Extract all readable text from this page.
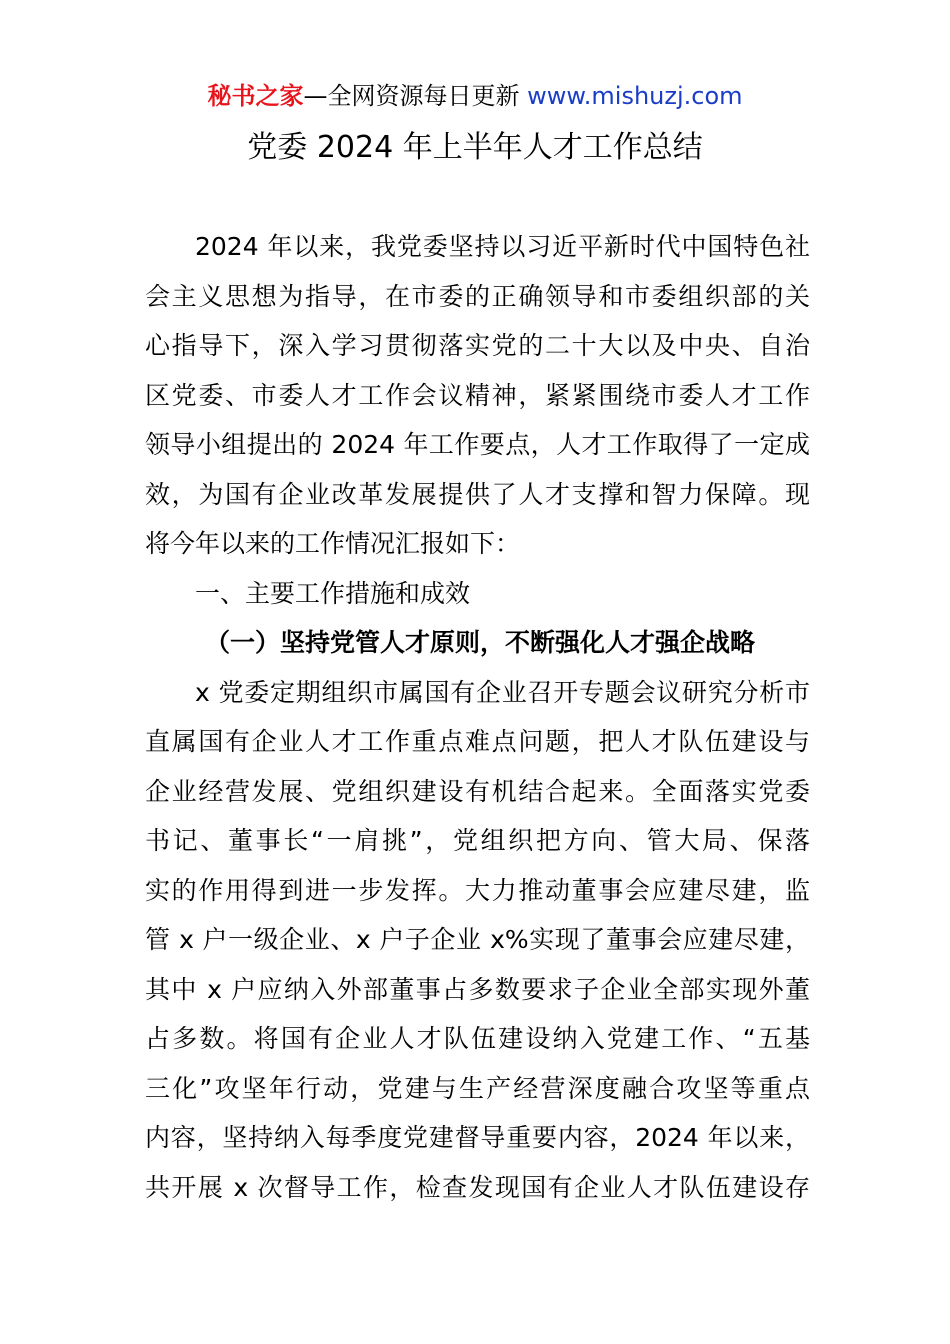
秘书之家—全网资源每日更新 www.mishuzj.com
党委 2024 年上半年人才工作总结
2024 年以来，我党委坚持以习近平新时代中国特色社
会主义思想为指导，在市委的正确领导和市委组织部的关
心指导下，深入学习贯彻落实党的二十大以及中央、自治
区党委、市委人才工作会议精神，紧紧围绕市委人才工作
领导小组提出的 2024 年工作要点，人才工作取得了一定成
效，为国有企业改革发展提供了人才支撑和智力保障。现
将今年以来的工作情况汇报如下：
一、主要工作措施和成效
（一）坚持党管人才原则，不断强化人才强企战略
x 党委定期组织市属国有企业召开专题会议研究分析市
直属国有企业人才工作重点难点问题，把人才队伍建设与
企业经营发展、党组织建设有机结合起来。全面落实党委
书记、董事长“一肩挑”，党组织把方向、管大局、保落
实的作用得到进一步发挥。大力推动董事会应建尽建，监
管 x 户一级企业、x 户子企业 x%实现了董事会应建尽建，
其中 x 户应纳入外部董事占多数要求子企业全部实现外董
占多数。将国有企业人才队伍建设纳入党建工作、“五基
三化”攻坚年行动，党建与生产经营深度融合攻坚等重点
内容，坚持纳入每季度党建督导重要内容，2024 年以来，
共开展 x 次督导工作，检查发现国有企业人才队伍建设存
